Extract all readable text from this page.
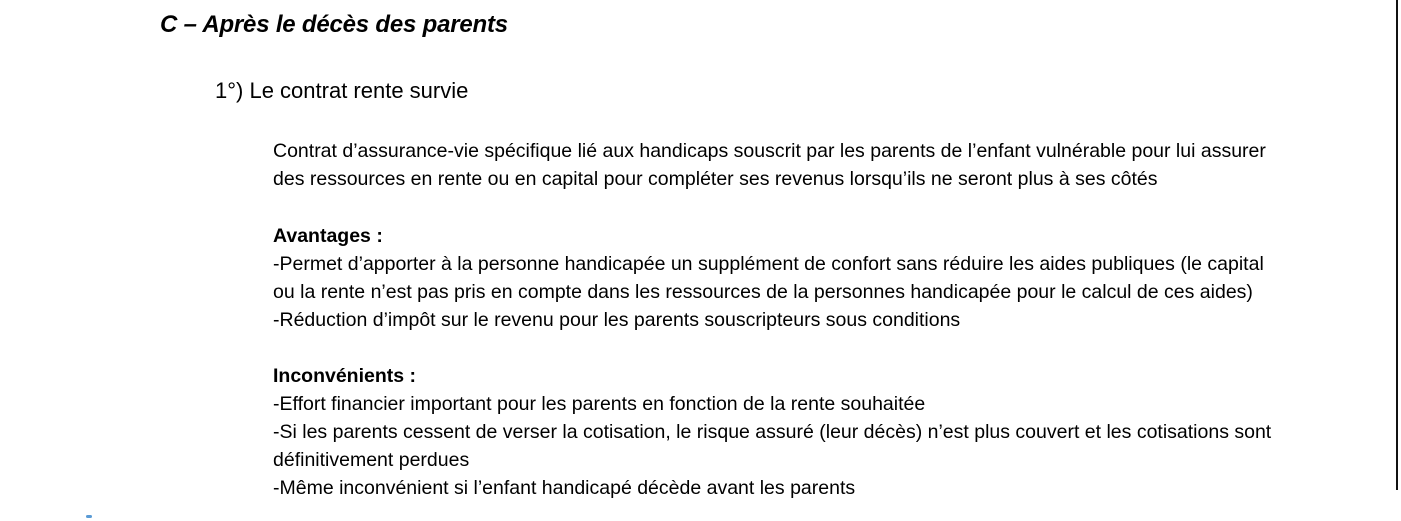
C – Après le décès des parents
1°) Le contrat rente survie
Contrat d’assurance-vie spécifique lié aux handicaps souscrit par les parents de l’enfant vulnérable pour lui assurer
des ressources en rente ou en capital pour compléter ses revenus lorsqu’ils ne seront plus à ses côtés
Avantages :
-Permet d’apporter à la personne handicapée un supplément de confort sans réduire les aides publiques (le capital
ou la rente n’est pas pris en compte dans les ressources de la personnes handicapée pour le calcul de ces aides)
-Réduction d’impôt sur le revenu pour les parents souscripteurs sous conditions
Inconvénients :
-Effort financier important pour les parents en fonction de la rente souhaitée
-Si les parents cessent de verser la cotisation, le risque assuré (leur décès) n’est plus couvert et les cotisations sont
définitivement perdues
-Même inconvénient si l’enfant handicapé décède avant les parents
